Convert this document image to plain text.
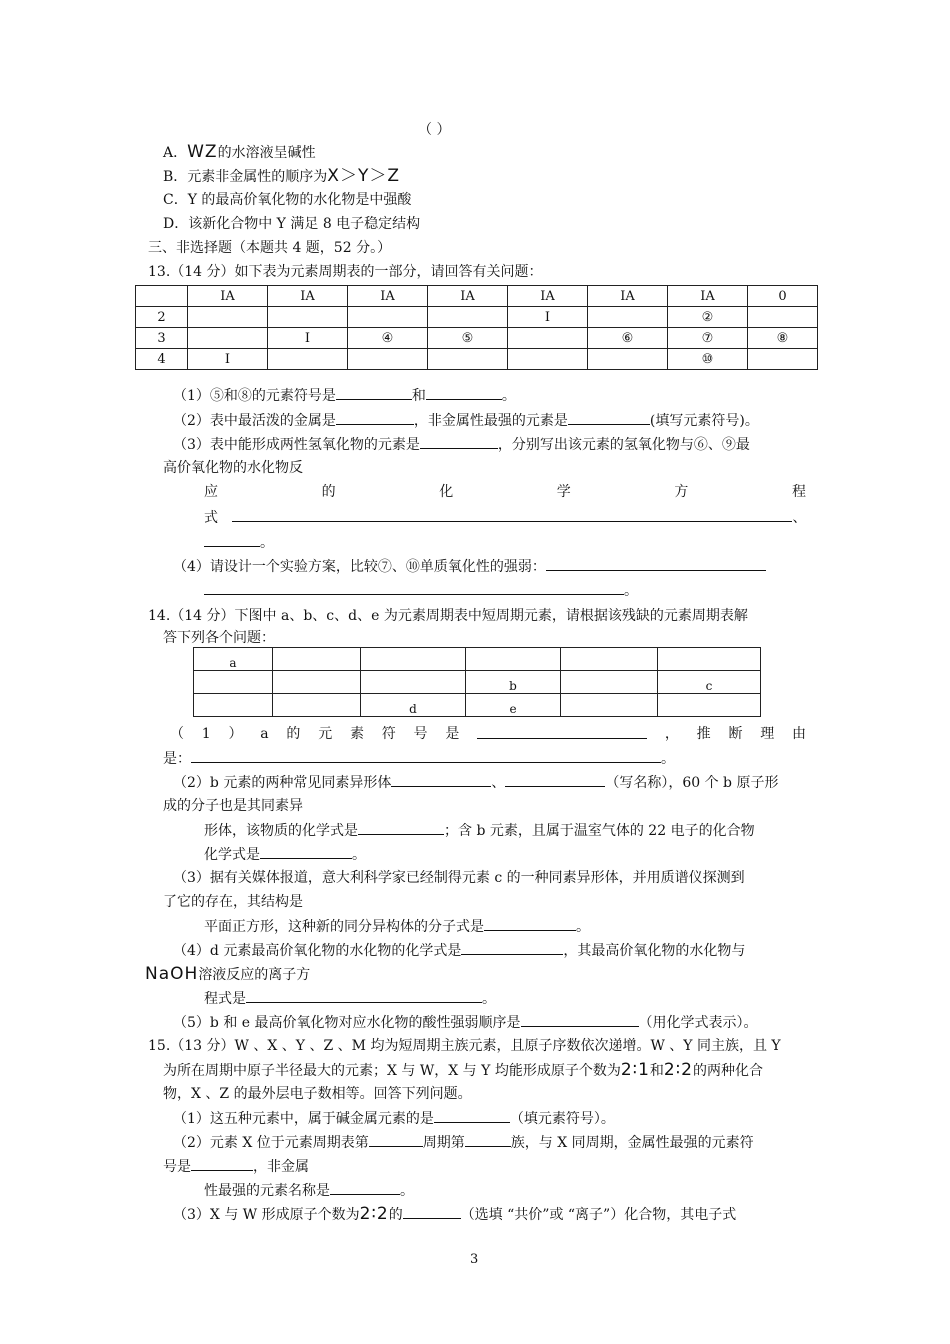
（ ）
A．WZ的水溶液呈碱性
B．元素非金属性的顺序为X＞Y＞Z
C．Y 的最高价氧化物的水化物是中强酸
D．该新化合物中 Y 满足 8 电子稳定结构
三、非选择题（本题共 4 题，52 分。）
13.（14 分）如下表为元素周期表的一部分，请回答有关问题：
	ⅠA	ⅠA	ⅠA	ⅠA	ⅠA	ⅠA	ⅠA	0
2					Ⅰ		②	
3		Ⅰ	④	⑤		⑥	⑦	⑧
4	Ⅰ						⑩	
（1）⑤和⑧的元素符号是	和	。
（2）表中最活泼的金属是	，非金属性最强的元素是	(填写元素符号)。
（3）表中能形成两性氢氧化物的元素是	，分别写出该元素的氢氧化物与⑥、⑨最
高价氧化物的水化物反
应	的	化	学	方	程
式	、
。
（4）请设计一个实验方案，比较⑦、⑩单质氧化性的强弱：
。
14.（14 分）下图中 a、b、c、d、e 为元素周期表中短周期元素，请根据该残缺的元素周期表解
答下列各个问题：
a					
			b		c
		d	e		
（ 1 ） a 的 元 素 符 号 是	， 推 断 理 由
是：	。
（2）b 元素的两种常见同素异形体	、	（写名称），60 个 b 原子形
成的分子也是其同素异
形体，该物质的化学式是	；含 b 元素，且属于温室气体的 22 电子的化合物
化学式是	。
（3）据有关媒体报道，意大利科学家已经制得元素 c 的一种同素异形体，并用质谱仪探测到
了它的存在，其结构是
平面正方形，这种新的同分异构体的分子式是	。
（4）d 元素最高价氧化物的水化物的化学式是	，其最高价氧化物的水化物与
NaOH溶液反应的离子方
程式是	。
（5）b 和 e 最高价氧化物对应水化物的酸性强弱顺序是	（用化学式表示）。
15.（13 分）W 、X 、Y 、Z 、M 均为短周期主族元素，且原子序数依次递增。W 、Y 同主族，且 Y
为所在周期中原子半径最大的元素；X 与 W，X 与 Y 均能形成原子个数为2∶1和2∶2的两种化合
物，X 、Z 的最外层电子数相等。回答下列问题。
（1）这五种元素中，属于碱金属元素的是	（填元素符号）。
（2）元素 X 位于元素周期表第	周期第	族，与 X 同周期，金属性最强的元素符
号是	，非金属
性最强的元素名称是	。
（3）X 与 W 形成原子个数为2∶2的	（选填 “共价”或 “离子”）化合物，其电子式
3
